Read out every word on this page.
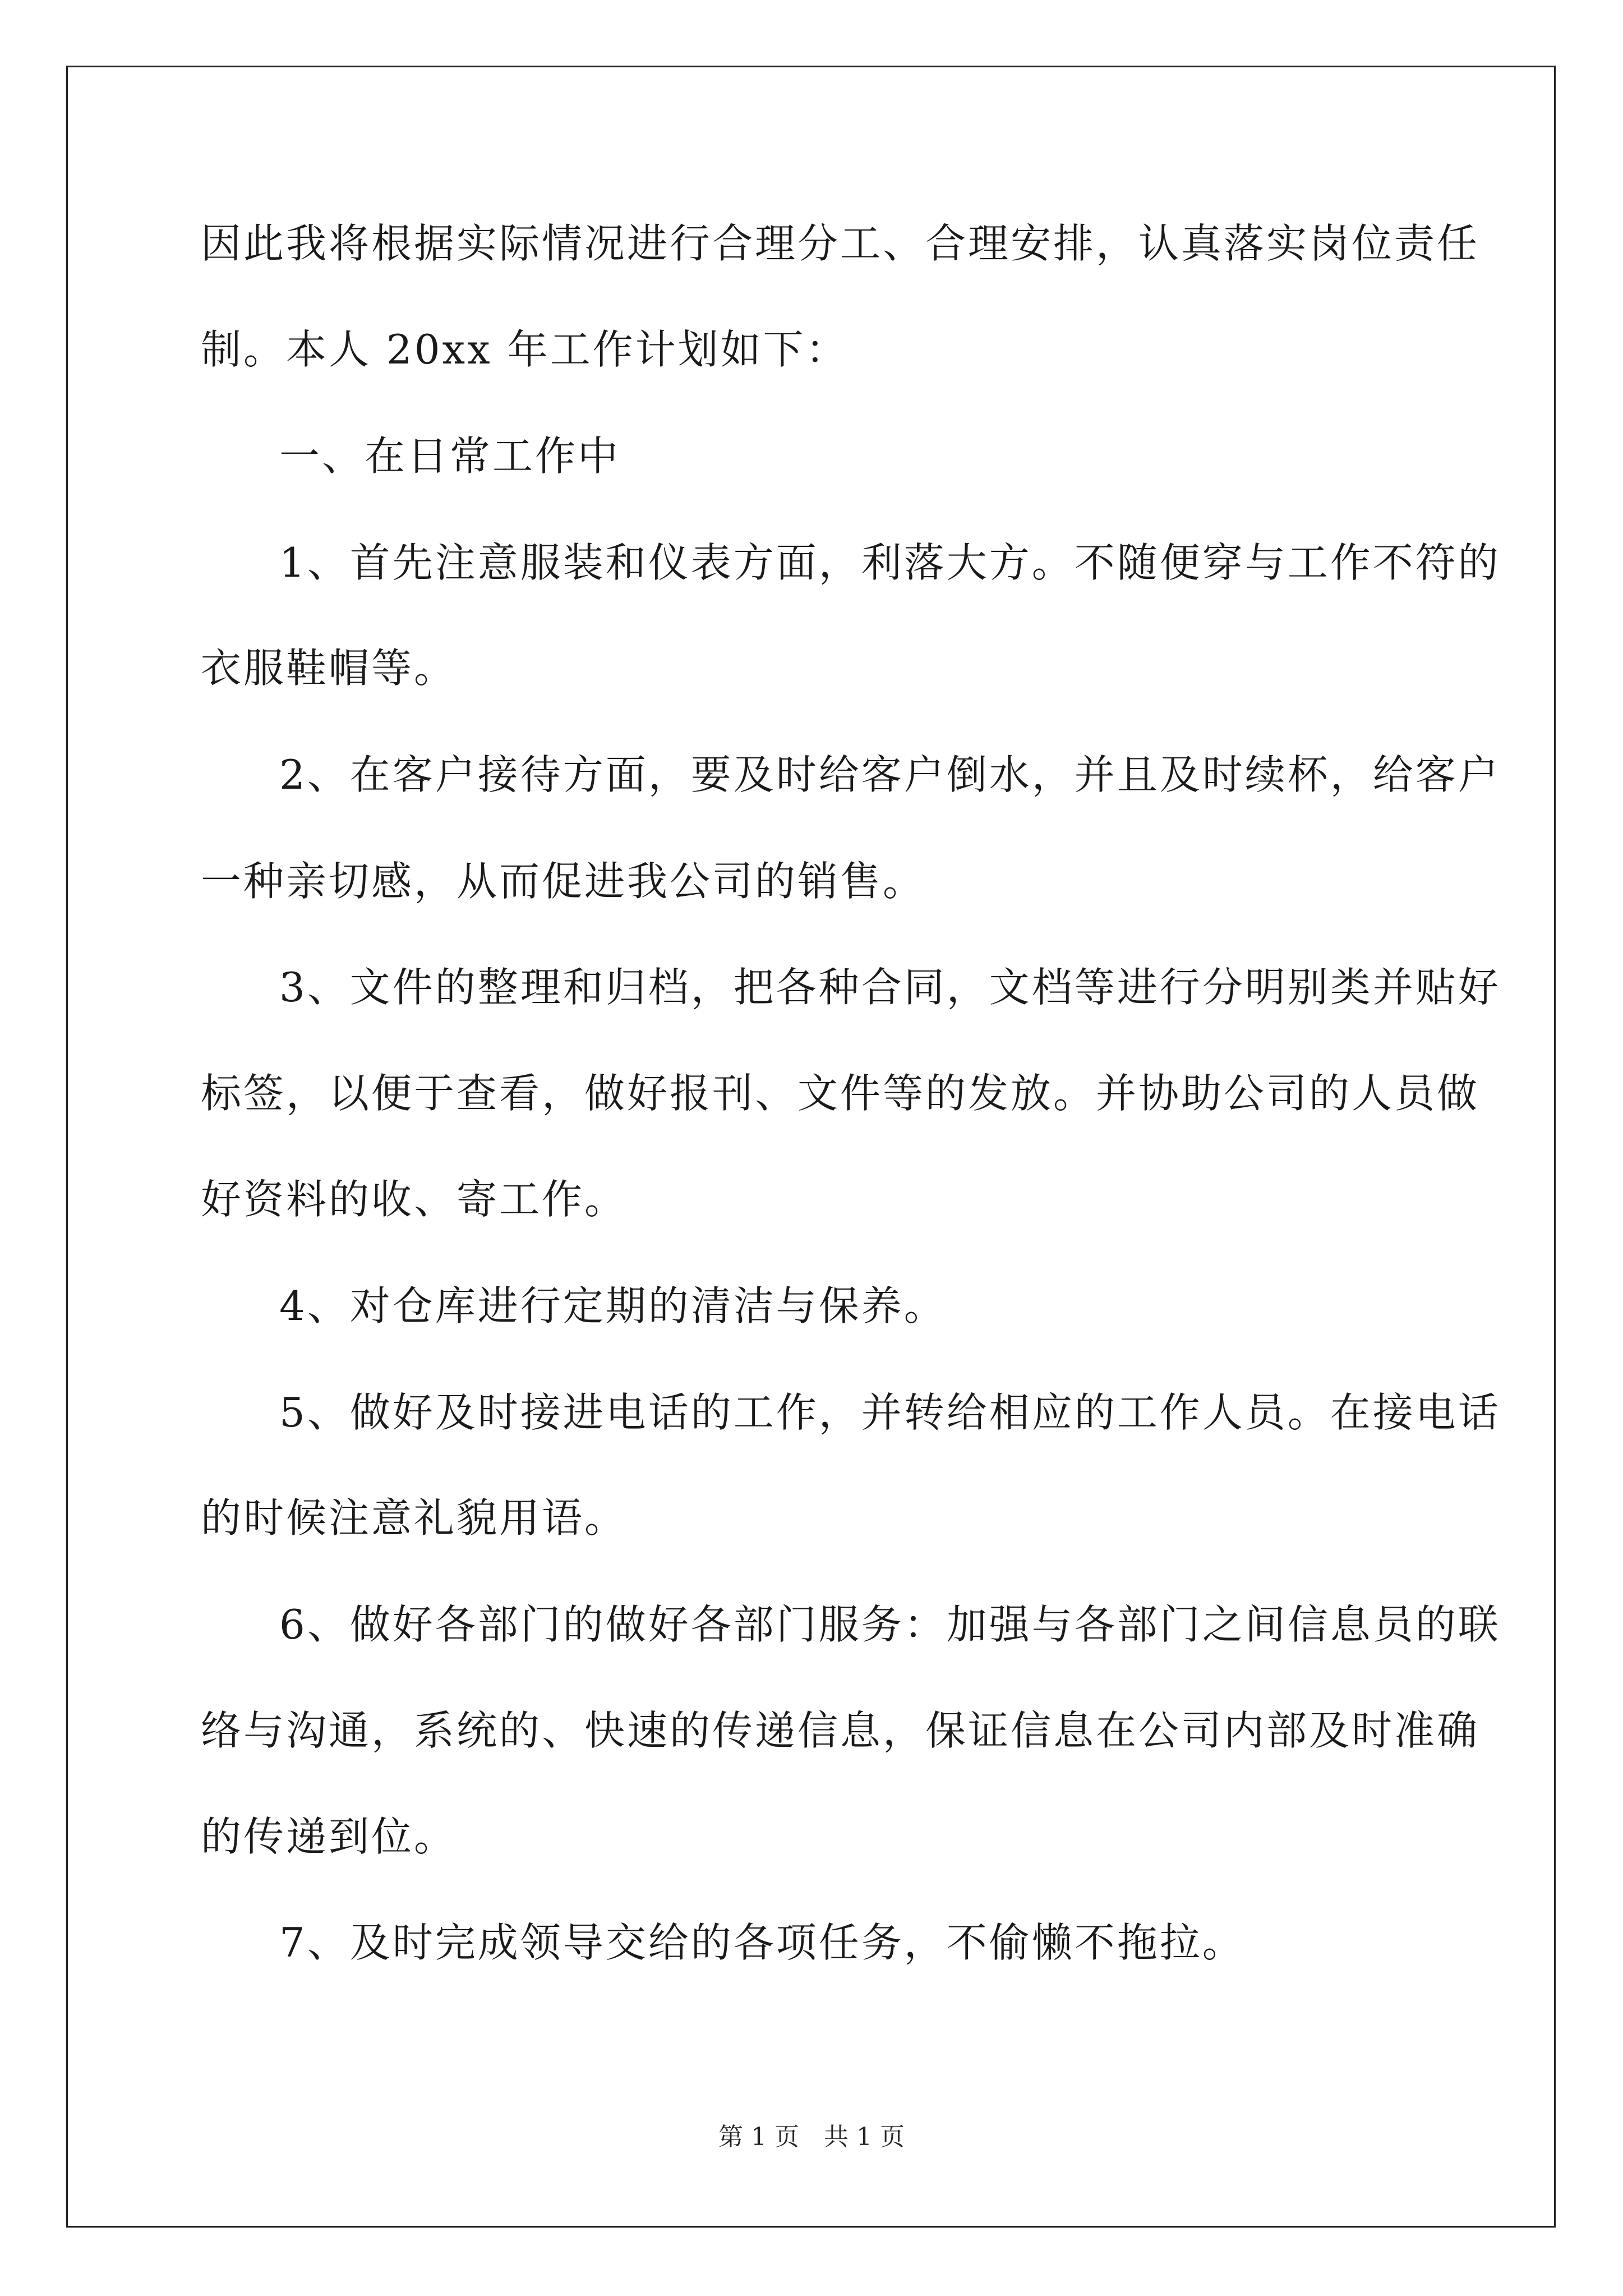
因此我将根据实际情况进行合理分工、合理安排，认真落实岗位责任
制。本人 20xx 年工作计划如下：
一、在日常工作中
1、首先注意服装和仪表方面，利落大方。不随便穿与工作不符的
衣服鞋帽等。
2、在客户接待方面，要及时给客户倒水，并且及时续杯，给客户
一种亲切感，从而促进我公司的销售。
3、文件的整理和归档，把各种合同，文档等进行分明别类并贴好
标签，以便于查看，做好报刊、文件等的发放。并协助公司的人员做
好资料的收、寄工作。
4、对仓库进行定期的清洁与保养。
5、做好及时接进电话的工作，并转给相应的工作人员。在接电话
的时候注意礼貌用语。
6、做好各部门的做好各部门服务：加强与各部门之间信息员的联
络与沟通，系统的、快速的传递信息，保证信息在公司内部及时准确
的传递到位。
7、及时完成领导交给的各项任务，不偷懒不拖拉。
第 1 页 共 1 页
